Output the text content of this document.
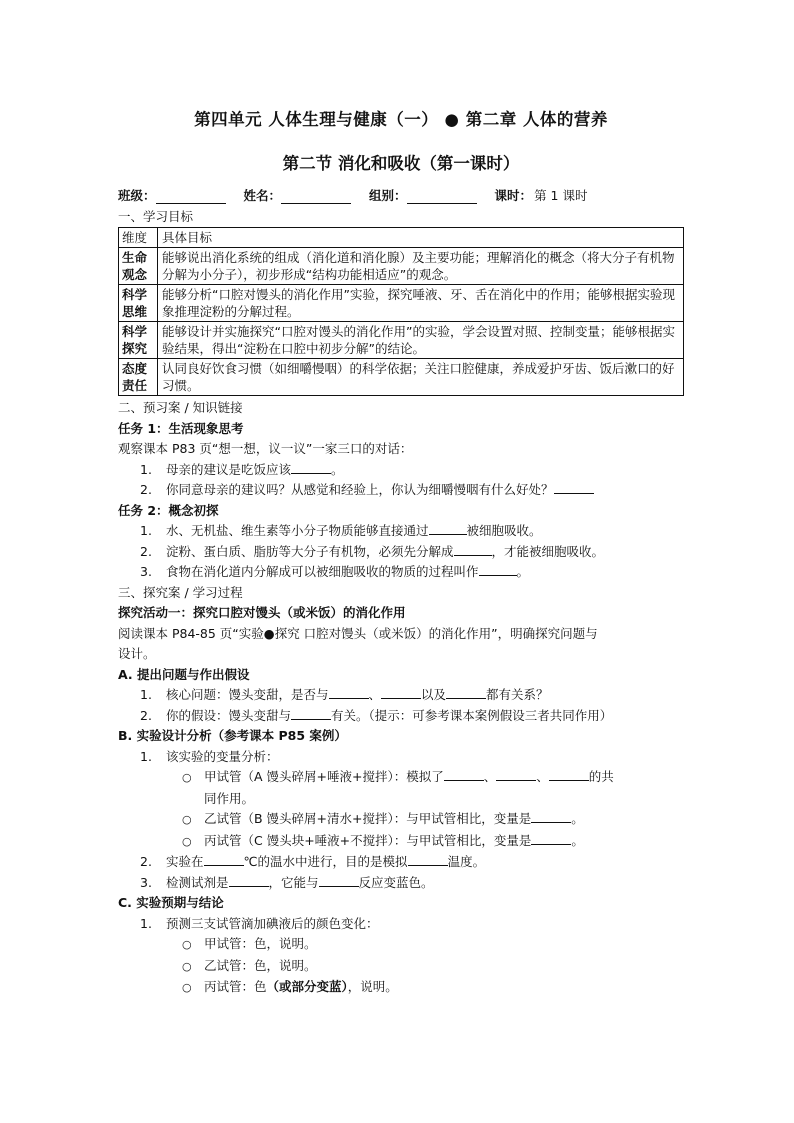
第四单元 人体生理与健康（一） ● 第二章 人体的营养
第二节 消化和吸收（第一课时）
班级：	姓名：	组别：	课时： 第 1 课时
一、学习目标
维度	具体目标
生命观念	能够说出消化系统的组成（消化道和消化腺）及主要功能；理解消化的概念（将大分子有机物分解为小分子），初步形成“结构功能相适应”的观念。
科学思维	能够分析“口腔对馒头的消化作用”实验，探究唾液、牙、舌在消化中的作用；能够根据实验现象推理淀粉的分解过程。
科学探究	能够设计并实施探究“口腔对馒头的消化作用”的实验，学会设置对照、控制变量；能够根据实验结果，得出“淀粉在口腔中初步分解”的结论。
态度责任	认同良好饮食习惯（如细嚼慢咽）的科学依据；关注口腔健康，养成爱护牙齿、饭后漱口的好习惯。
二、预习案 / 知识链接
任务 1：生活现象思考
观察课本 P83 页“想一想，议一议”一家三口的对话：
1. 母亲的建议是吃饭应该	。
2. 你同意母亲的建议吗？从感觉和经验上，你认为细嚼慢咽有什么好处？
任务 2：概念初探
1. 水、无机盐、维生素等小分子物质能够直接通过	被细胞吸收。
2. 淀粉、蛋白质、脂肪等大分子有机物，必须先分解成	，才能被细胞吸收。
3. 食物在消化道内分解成可以被细胞吸收的物质的过程叫作	。
三、探究案 / 学习过程
探究活动一：探究口腔对馒头（或米饭）的消化作用
阅读课本 P84-85 页“实验●探究 口腔对馒头（或米饭）的消化作用”，明确探究问题与
设计。
A. 提出问题与作出假设
1. 核心问题：馒头变甜，是否与	、	以及	都有关系？
2. 你的假设：馒头变甜与	有关。（提示：可参考课本案例假设三者共同作用）
B. 实验设计分析（参考课本 P85 案例）
1. 该实验的变量分析：
○ 甲试管（A 馒头碎屑+唾液+搅拌）：模拟了	、	、	的共
同作用。
○ 乙试管（B 馒头碎屑+清水+搅拌）：与甲试管相比，变量是	。
○ 丙试管（C 馒头块+唾液+不搅拌）：与甲试管相比，变量是	。
2. 实验在	℃的温水中进行，目的是模拟	温度。
3. 检测试剂是	，它能与	反应变蓝色。
C. 实验预期与结论
1. 预测三支试管滴加碘液后的颜色变化：
○ 甲试管：色，说明。
○ 乙试管：色，说明。
○ 丙试管：色（或部分变蓝），说明。
